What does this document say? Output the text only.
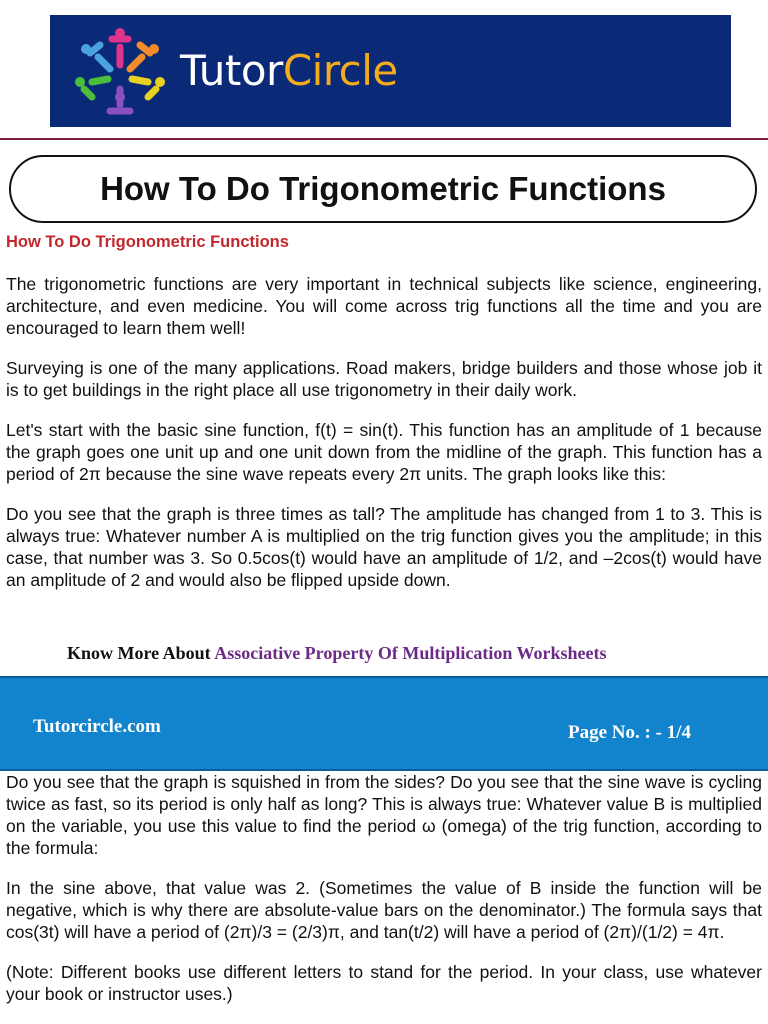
TutorCircle
How To Do Trigonometric Functions
How To Do Trigonometric Functions

The trigonometric functions are very important in technical subjects like science, engineering, architecture, and even medicine. You will come across trig functions all the time and you are encouraged to learn them well!

Surveying is one of the many applications. Road makers, bridge builders and those whose job it is to get buildings in the right place all use trigonometry in their daily work.

Let's start with the basic sine function, f(t) = sin(t). This function has an amplitude of 1 because the graph goes one unit up and one unit down from the midline of the graph. This function has a period of 2π because the sine wave repeats every 2π units. The graph looks like this:

Do you see that the graph is three times as tall? The amplitude has changed from 1 to 3. This is always true: Whatever number A is multiplied on the trig function gives you the amplitude; in this case, that number was 3. So 0.5cos(t) would have an amplitude of 1/2, and –2cos(t) would have an amplitude of 2 and would also be flipped upside down.

Know More About Associative Property Of Multiplication Worksheets
Tutorcircle.com	Page No. : - 1/4

Do you see that the graph is squished in from the sides? Do you see that the sine wave is cycling twice as fast, so its period is only half as long? This is always true: Whatever value B is multiplied on the variable, you use this value to find the period ω (omega) of the trig function, according to the formula:

In the sine above, that value was 2. (Sometimes the value of B inside the function will be negative, which is why there are absolute-value bars on the denominator.) The formula says that cos(3t) will have a period of (2π)/3 = (2/3)π, and tan(t/2) will have a period of (2π)/(1/2) = 4π.

(Note: Different books use different letters to stand for the period. In your class, use whatever your book or instructor uses.)
